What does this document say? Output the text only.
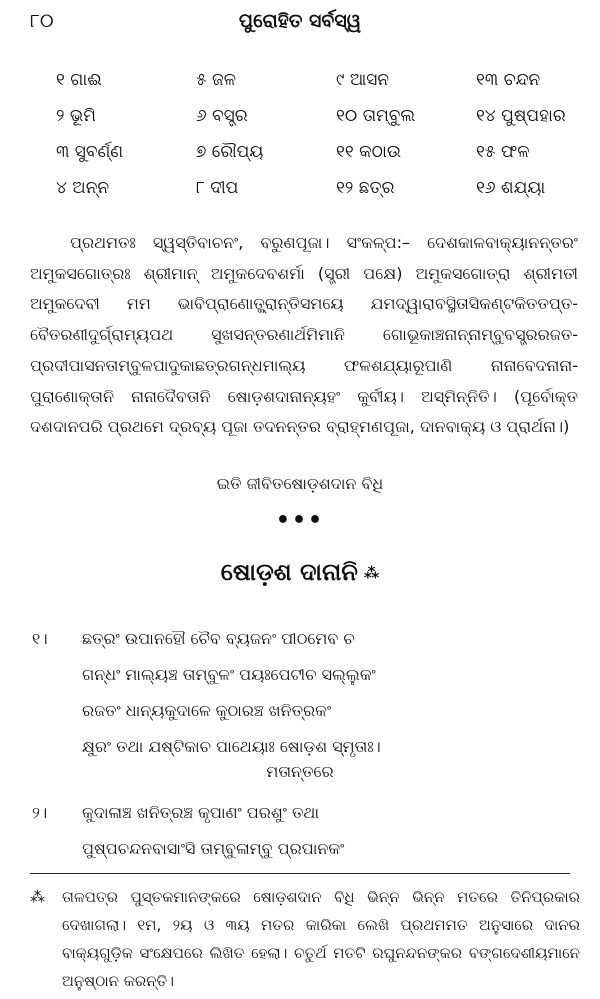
୮୦	ପୁରୋହିତ ସର୍ବସ୍ୱ
୧ ଗାଈ	୫ ଜଳ	୯ ଆସନ	୧୩ ଚନ୍ଦନ
୨ ଭୂମି	୬ ବସ୍ତ୍ର	୧୦ ତାମ୍ବୁଲ	୧୪ ପୁଷ୍ପହାର
୩ ସୁବର୍ଣ୍ଣ	୭ ରୌପ୍ୟ	୧୧ କଠାଉ	୧୫ ଫଳ
୪ ଅନ୍ନ	୮ ଦୀପ	୧୨ ଛତ୍ର	୧୬ ଶଯ୍ୟା

ପ୍ରଥମତଃ ସ୍ୱସ୍ତିବାଚନଂ, ବରୁଣପୂଜା। ସଂକଳ୍ପ:– ଦେଶକାଳବାକ୍ୟାନନ୍ତରଂ ଅମୁକସଗୋତ୍ରଃ ଶ୍ରୀମାନ୍ ଅମୁକଦେବଶର୍ମା (ସ୍ତ୍ରୀ ପକ୍ଷେ) ଅମୁକସଗୋତ୍ରା ଶ୍ରୀମତୀ ଅମୁକଦେବୀ ମମ ଭାବିପ୍ରାଣୋତ୍କ୍ରାନ୍ତିସମୟେ ଯମଦ୍ୱାରାବସ୍ଥିତାସିକଣ୍ଟକିତତପ୍ତ-ବୈତରଣୀଦୁର୍ଗ୍ରାମ୍ୟପଥ ସୁଖସନ୍ତରଣାର୍ଥମିମାନି ଗୋଭୂକାଞ୍ଚନାନ୍ନାମ୍ବୁବସ୍ତ୍ରରଜତ-ପ୍ରଦୀପାସନତାମ୍ବୁଳପାଦୁକାଛତ୍ରଗନ୍ଧମାଲ୍ୟ ଫଳଶଯ୍ୟାରୂପାଣି ନାନାବେଦନାନା-ପୁରାଣୋକ୍ତାନି ନାନାଦୈବତାନି ଷୋଡ଼ଶଦାନାନ୍ୟହଂ କୁର୍ବୀୟ। ଅସ୍ମିନ୍ନିତି। (ପୂର୍ବୋକ୍ତ ଦଶଦାନପରି ପ୍ରଥମେ ଦ୍ରବ୍ୟ ପୂଜା ତଦନନ୍ତର ବ୍ରାହ୍ମଣପୂଜା, ଦାନବାକ୍ୟ ଓ ପ୍ରାର୍ଥନା।)

ଇତି ଜୀବିତଷୋଡ଼ଶଦାନ ବିଧି
•••
ଷୋଡ଼ଶ ଦାନାନି ⁂
୧। ଛତ୍ରଂ ଉପାନହୌ ଚୈବ ବ୍ୟଜନଂ ପୀଠମେବ ଚ
ଗନ୍ଧଂ ମାଲ୍ୟଞ୍ଚ ତାମ୍ବୁଳଂ ପୟଃପେଟୀଚ ସଲ୍ଲୁକଂ
ରଜତଂ ଧାନ୍ୟକୁଦାଳେ କୁଠାରଞ୍ଚ ଖନିତ୍ରକଂ
କ୍ଷୁରଂ ତଥା ଯଷ୍ଟିକାଚ ପାଥେୟାଃ ଷୋଡ଼ଶ ସ୍ମୃତାଃ।
ମତାନ୍ତରେ
୨। କୁଦାଳାଞ୍ଚ ଖନିତ୍ରଞ୍ଚ କୃପାଣଂ ପରଶୁଂ ତଥା
ପୁଷ୍ପଚନ୍ଦନବାସାଂସି ତାମ୍ବୁଳାମ୍ବୁ ପ୍ରପାନକଂ
⁂ ତାଳପତ୍ର ପୁସ୍ତକମାନଙ୍କରେ ଷୋଡ଼ଶଦାନ ବିଧି ଭିନ୍ନ ଭିନ୍ନ ମତରେ ତିନିପ୍ରକାର ଦେଖାଗଲା। ୧ମ, ୨ୟ ଓ ୩ୟ ମତର କାରିକା ଲେଖି ପ୍ରଥମମତ ଅନୁସାରେ ଦାନର ବାକ୍ୟଗୁଡ଼ିକ ସଂକ୍ଷେପରେ ଲିଖିତ ହେଲା। ଚତୁର୍ଥ ମତଟି ରଘୁନନ୍ଦନଙ୍କର ବଙ୍ଗଦେଶୀୟମାନେ ଅନୁଷ୍ଠାନ କରନ୍ତି।
